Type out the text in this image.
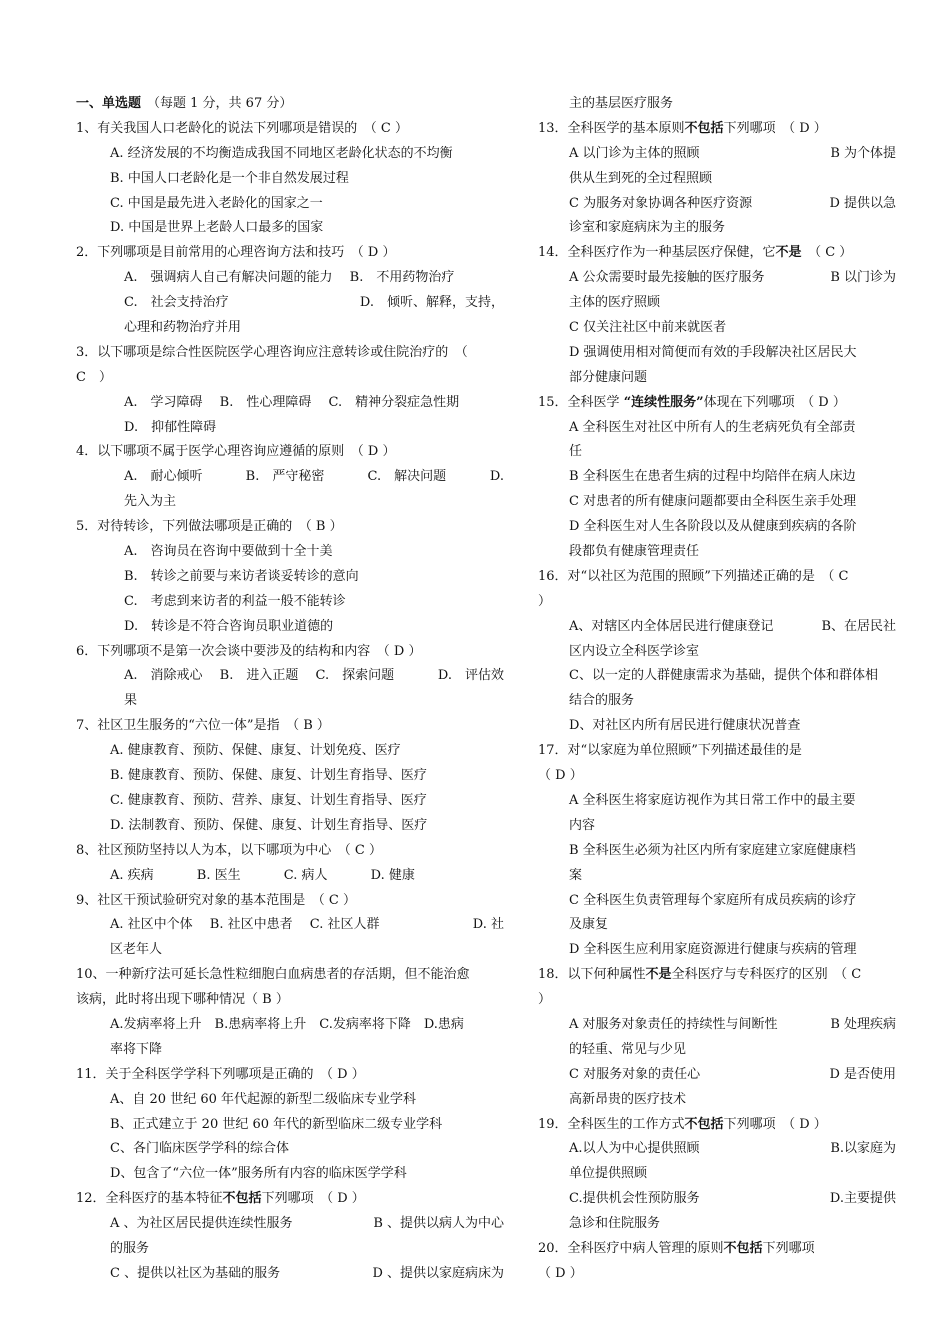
一、单选题 （每题 1 分，共 67 分）
1、有关我国人口老龄化的说法下列哪项是错误的　（ C ）
A. 经济发展的不均衡造成我国不同地区老龄化状态的不均衡
B. 中国人口老龄化是一个非自然发展过程
C. 中国是最先进入老龄化的国家之一
D. 中国是世界上老龄人口最多的国家
2．下列哪项是目前常用的心理咨询方法和技巧　（ D ）
A.　强调病人自己有解决问题的能力　 B.　不用药物治疗
C.　社会支持治疗	D.　倾听、解释，支持，
心理和药物治疗并用
3．以下哪项是综合性医院医学心理咨询应注意转诊或住院治疗的　（
C　）
A.　学习障碍　 B.　性心理障碍　 C.　精神分裂症急性期
D.　抑郁性障碍
4．以下哪项不属于医学心理咨询应遵循的原则　（ D ）
A.　耐心倾听　　　 B.　严守秘密　　　 C.　解决问题	D.
先入为主
5．对待转诊，下列做法哪项是正确的　（ B ）
A.　咨询员在咨询中要做到十全十美
B.　转诊之前要与来访者谈妥转诊的意向
C.　考虑到来访者的利益一般不能转诊
D.　转诊是不符合咨询员职业道德的
6．下列哪项不是第一次会谈中要涉及的结构和内容　（ D ）
A.　消除戒心　 B.　进入正题　 C.　探索问题	D.　评估效
果
7、社区卫生服务的“六位一体”是指　（ B ）
A. 健康教育、预防、保健、康复、计划免疫、医疗
B. 健康教育、预防、保健、康复、计划生育指导、医疗
C. 健康教育、预防、营养、康复、计划生育指导、医疗
D. 法制教育、预防、保健、康复、计划生育指导、医疗
8、社区预防坚持以人为本，以下哪项为中心　（ C ）
A. 疾病　　　 B. 医生　　　 C. 病人　　　 D. 健康
9、社区干预试验研究对象的基本范围是　（ C ）
A. 社区中个体　 B. 社区中患者　 C. 社区人群	D. 社
区老年人
10、一种新疗法可延长急性粒细胞白血病患者的存活期，但不能治愈
该病，此时将出现下哪种情况（ B ）
A.发病率将上升　B.患病率将上升　C.发病率将下降　D.患病
率将下降
11．关于全科医学学科下列哪项是正确的　（ D ）
A、自 20 世纪 60 年代起源的新型二级临床专业学科
B、正式建立于 20 世纪 60 年代的新型临床二级专业学科
C、各门临床医学学科的综合体
D、包含了“六位一体”服务所有内容的临床医学学科
12．全科医疗的基本特征不包括下列哪项　（ D ）
A 、为社区居民提供连续性服务	B 、提供以病人为中心
的服务
C 、提供以社区为基础的服务	D 、提供以家庭病床为
主的基层医疗服务
13．全科医学的基本原则不包括下列哪项　（ D ）
A 以门诊为主体的照顾	B 为个体提
供从生到死的全过程照顾
C 为服务对象协调各种医疗资源	D 提供以急
诊室和家庭病床为主的服务
14．全科医疗作为一种基层医疗保健，它不是　（ C ）
A 公众需要时最先接触的医疗服务	B 以门诊为
主体的医疗照顾
C 仅关注社区中前来就医者
D 强调使用相对简便而有效的手段解决社区居民大
部分健康问题
15．全科医学 “连续性服务”体现在下列哪项　（ D ）
A 全科医生对社区中所有人的生老病死负有全部责
任
B 全科医生在患者生病的过程中均陪伴在病人床边
C 对患者的所有健康问题都要由全科医生亲手处理
D 全科医生对人生各阶段以及从健康到疾病的各阶
段都负有健康管理责任
16．对“以社区为范围的照顾”下列描述正确的是　（ C
）
A、对辖区内全体居民进行健康登记	B、在居民社
区内设立全科医学诊室
C、以一定的人群健康需求为基础，提供个体和群体相
结合的服务
D、对社区内所有居民进行健康状况普查
17．对“以家庭为单位照顾”下列描述最佳的是
（ D ）
A 全科医生将家庭访视作为其日常工作中的最主要
内容
B 全科医生必须为社区内所有家庭建立家庭健康档
案
C 全科医生负责管理每个家庭所有成员疾病的诊疗
及康复
D 全科医生应利用家庭资源进行健康与疾病的管理
18．以下何种属性不是全科医疗与专科医疗的区别　（ C
）
A 对服务对象责任的持续性与间断性	B 处理疾病
的轻重、常见与少见
C 对服务对象的责任心	D 是否使用
高新昂贵的医疗技术
19．全科医生的工作方式不包括下列哪项　（ D ）
A.以人为中心提供照顾	B.以家庭为
单位提供照顾
C.提供机会性预防服务	D.主要提供
急诊和住院服务
20．全科医疗中病人管理的原则不包括下列哪项
（ D ）
